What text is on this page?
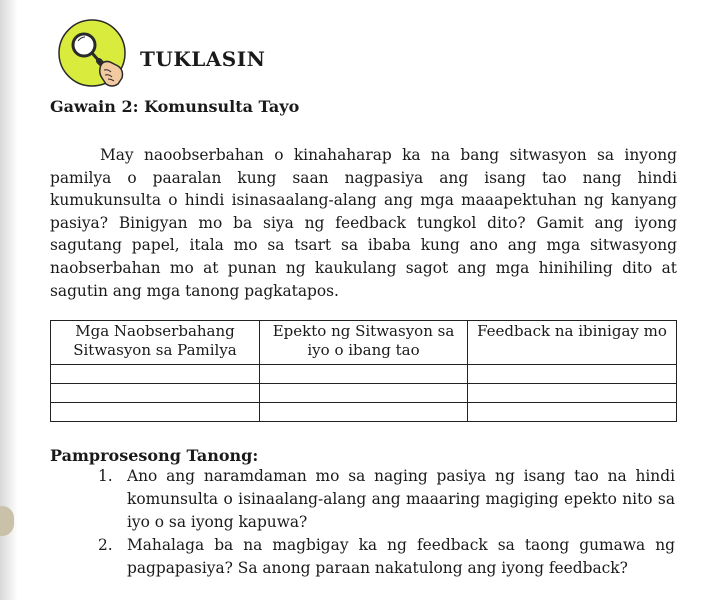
TUKLASIN
Gawain 2: Komunsulta Tayo

May naoobserbahan o kinahaharap ka na bang sitwasyon sa inyong pamilya o paaralan kung saan nagpasiya ang isang tao nang hindi kumukunsulta o hindi isinasaalang-alang ang mga maaapektuhan ng kanyang pasiya? Binigyan mo ba siya ng feedback tungkol dito? Gamit ang iyong sagutang papel, itala mo sa tsart sa ibaba kung ano ang mga sitwasyong naobserbahan mo at punan ng kaukulang sagot ang mga hinihiling dito at sagutin ang mga tanong pagkatapos.

Mga Naobserbahang Sitwasyon sa Pamilya	Epekto ng Sitwasyon sa iyo o ibang tao	Feedback na ibinigay mo

Pamprosesong Tanong:
1. Ano ang naramdaman mo sa naging pasiya ng isang tao na hindi komunsulta o isinaalang-alang ang maaaring magiging epekto nito sa iyo o sa iyong kapuwa?
2. Mahalaga ba na magbigay ka ng feedback sa taong gumawa ng pagpapasiya? Sa anong paraan nakatulong ang iyong feedback?
